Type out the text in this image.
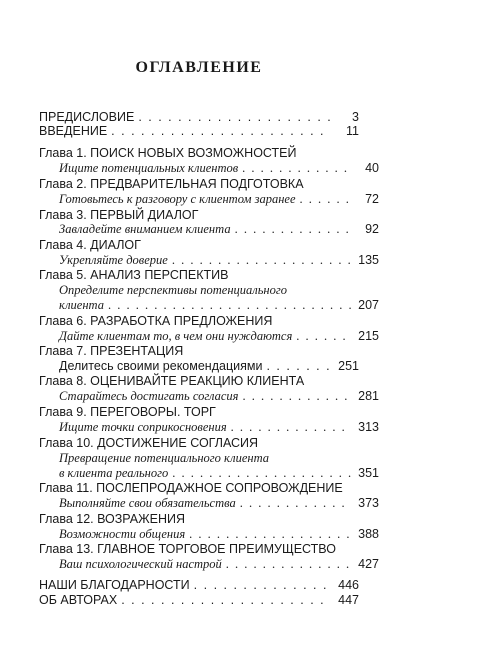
ОГЛАВЛЕНИЕ
ПРЕДИСЛОВИЕ . . .	3
ВВЕДЕНИЕ . . .	11
Глава 1. ПОИСК НОВЫХ ВОЗМОЖНОСТЕЙ
Ищите потенциальных клиентов . . .	40
Глава 2. ПРЕДВАРИТЕЛЬНАЯ ПОДГОТОВКА
Готовьтесь к разговору с клиентом заранее . . .	72
Глава 3. ПЕРВЫЙ ДИАЛОГ
Завладейте вниманием клиента . . .	92
Глава 4. ДИАЛОГ
Укрепляйте доверие . . .	135
Глава 5. АНАЛИЗ ПЕРСПЕКТИВ
Определите перспективы потенциального
клиента . . .	207
Глава 6. РАЗРАБОТКА ПРЕДЛОЖЕНИЯ
Дайте клиентам то, в чем они нуждаются . . .	215
Глава 7. ПРЕЗЕНТАЦИЯ
Делитесь своими рекомендациями . . .	251
Глава 8. ОЦЕНИВАЙТЕ РЕАКЦИЮ КЛИЕНТА
Старайтесь достигать согласия . . .	281
Глава 9. ПЕРЕГОВОРЫ. ТОРГ
Ищите точки соприкосновения . . .	313
Глава 10. ДОСТИЖЕНИЕ СОГЛАСИЯ
Превращение потенциального клиента
в клиента реального . . .	351
Глава 11. ПОСЛЕПРОДАЖНОЕ СОПРОВОЖДЕНИЕ
Выполняйте свои обязательства . . .	373
Глава 12. ВОЗРАЖЕНИЯ
Возможности общения . . .	388
Глава 13. ГЛАВНОЕ ТОРГОВОЕ ПРЕИМУЩЕСТВО
Ваш психологический настрой . . .	427
НАШИ БЛАГОДАРНОСТИ . . .	446
ОБ АВТОРАХ . . .	447
